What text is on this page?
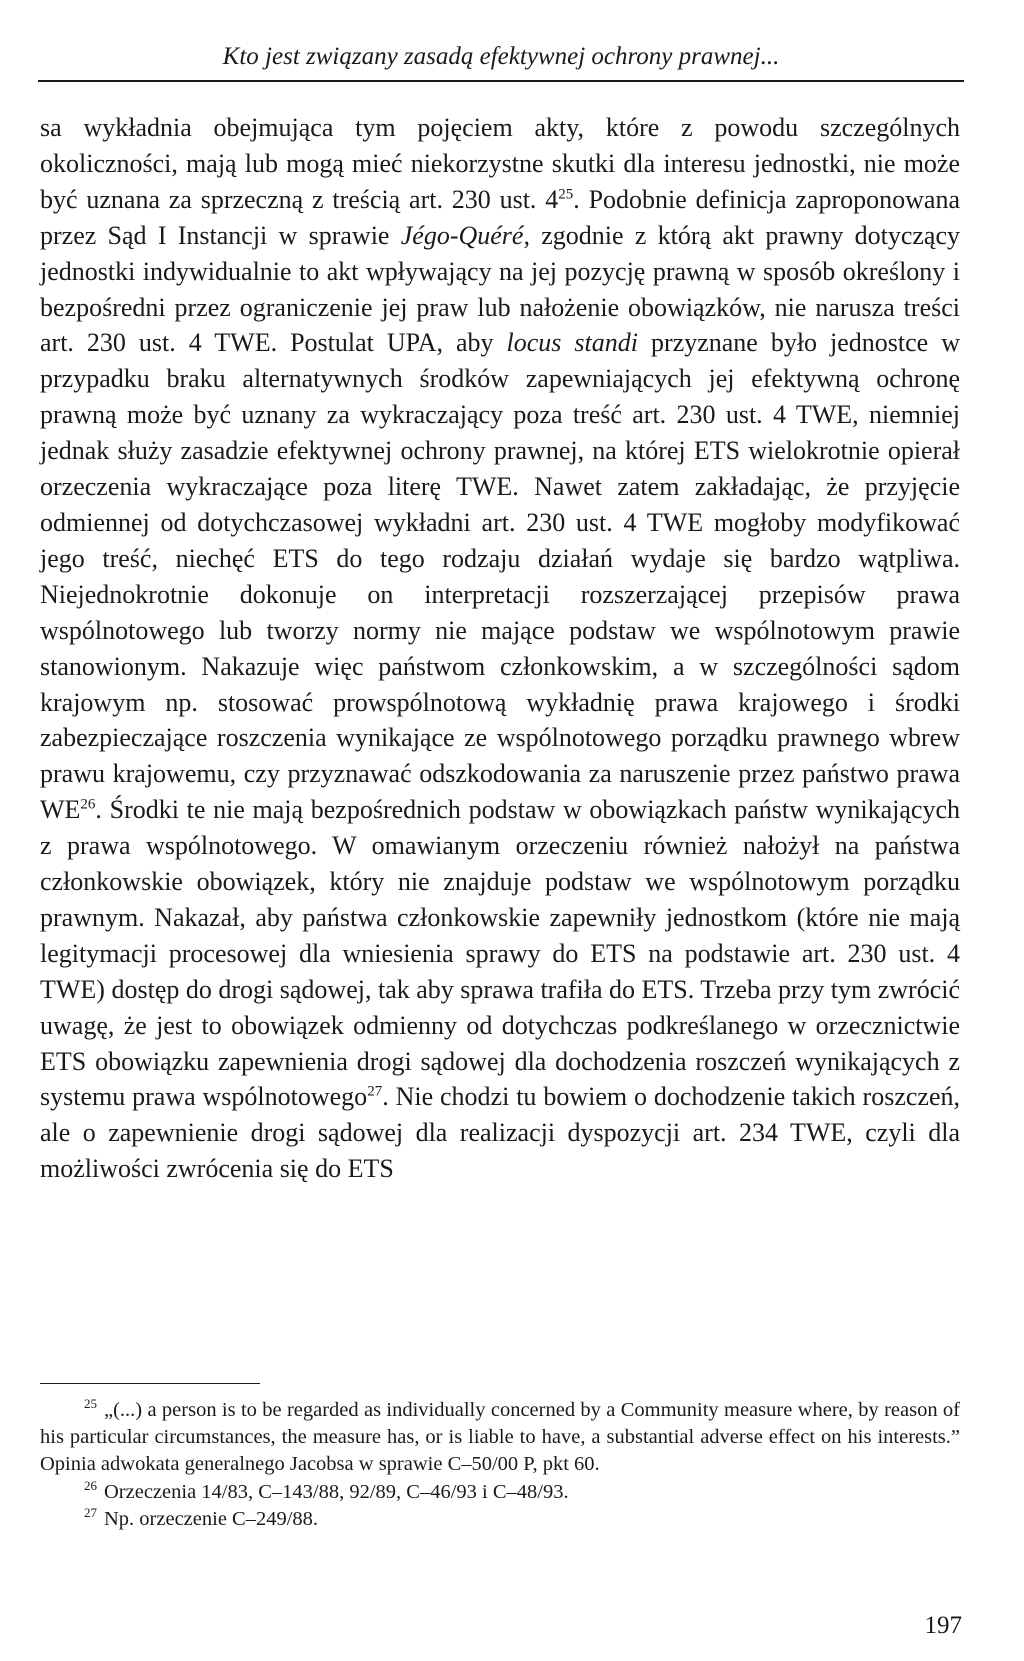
Kto jest związany zasadą efektywnej ochrony prawnej...
sa wykładnia obejmująca tym pojęciem akty, które z powodu szczególnych okoliczności, mają lub mogą mieć niekorzystne skutki dla interesu jednostki, nie może być uznana za sprzeczną z treścią art. 230 ust. $4^{25}$. Podobnie definicja zaproponowana przez Sąd I Instancji w sprawie Jégo-Quéré, zgodnie z którą akt prawny dotyczący jednostki indywidualnie to akt wpływający na jej pozycję prawną w sposób określony i bezpośredni przez ograniczenie jej praw lub nałożenie obowiązków, nie narusza treści art. 230 ust. 4 TWE. Postulat UPA, aby locus standi przyznane było jednostce w przypadku braku alternatywnych środków zapewniających jej efektywną ochronę prawną może być uznany za wykraczający poza treść art. 230 ust. 4 TWE, niemniej jednak służy zasadzie efektywnej ochrony prawnej, na której ETS wielokrotnie opierał orzeczenia wykraczające poza literę TWE. Nawet zatem zakładając, że przyjęcie odmiennej od dotychczasowej wykładni art. 230 ust. 4 TWE mogłoby modyfikować jego treść, niechęć ETS do tego rodzaju działań wydaje się bardzo wątpliwa. Niejednokrotnie dokonuje on interpretacji rozszerzającej przepisów prawa wspólnotowego lub tworzy normy nie mające podstaw we wspólnotowym prawie stanowionym. Nakazuje więc państwom członkowskim, a w szczególności sądom krajowym np. stosować prowspólnotową wykładnię prawa krajowego i środki zabezpieczające roszczenia wynikające ze wspólnotowego porządku prawnego wbrew prawu krajowemu, czy przyznawać odszkodowania za naruszenie przez państwo prawa WE$^{26}$. Środki te nie mają bezpośrednich podstaw w obowiązkach państw wynikających z prawa wspólnotowego. W omawianym orzeczeniu również nałożył na państwa członkowskie obowiązek, który nie znajduje podstaw we wspólnotowym porządku prawnym. Nakazał, aby państwa członkowskie zapewniły jednostkom (które nie mają legitymacji procesowej dla wniesienia sprawy do ETS na podstawie art. 230 ust. 4 TWE) dostęp do drogi sądowej, tak aby sprawa trafiła do ETS. Trzeba przy tym zwrócić uwagę, że jest to obowiązek odmienny od dotychczas podkreślanego w orzecznictwie ETS obowiązku zapewnienia drogi sądowej dla dochodzenia roszczeń wynikających z systemu prawa wspólnotowego$^{27}$. Nie chodzi tu bowiem o dochodzenie takich roszczeń, ale o zapewnienie drogi sądowej dla realizacji dyspozycji art. 234 TWE, czyli dla możliwości zwrócenia się do ETS

$^{25}$ „(...) a person is to be regarded as individually concerned by a Community measure where, by reason of his particular circumstances, the measure has, or is liable to have, a substantial adverse effect on his interests.” Opinia adwokata generalnego Jacobsa w sprawie C–50/00 P, pkt 60.

$^{26}$ Orzeczenia 14/83, C–143/88, 92/89, C–46/93 i C–48/93.

$^{27}$ Np. orzeczenie C–249/88.

197
